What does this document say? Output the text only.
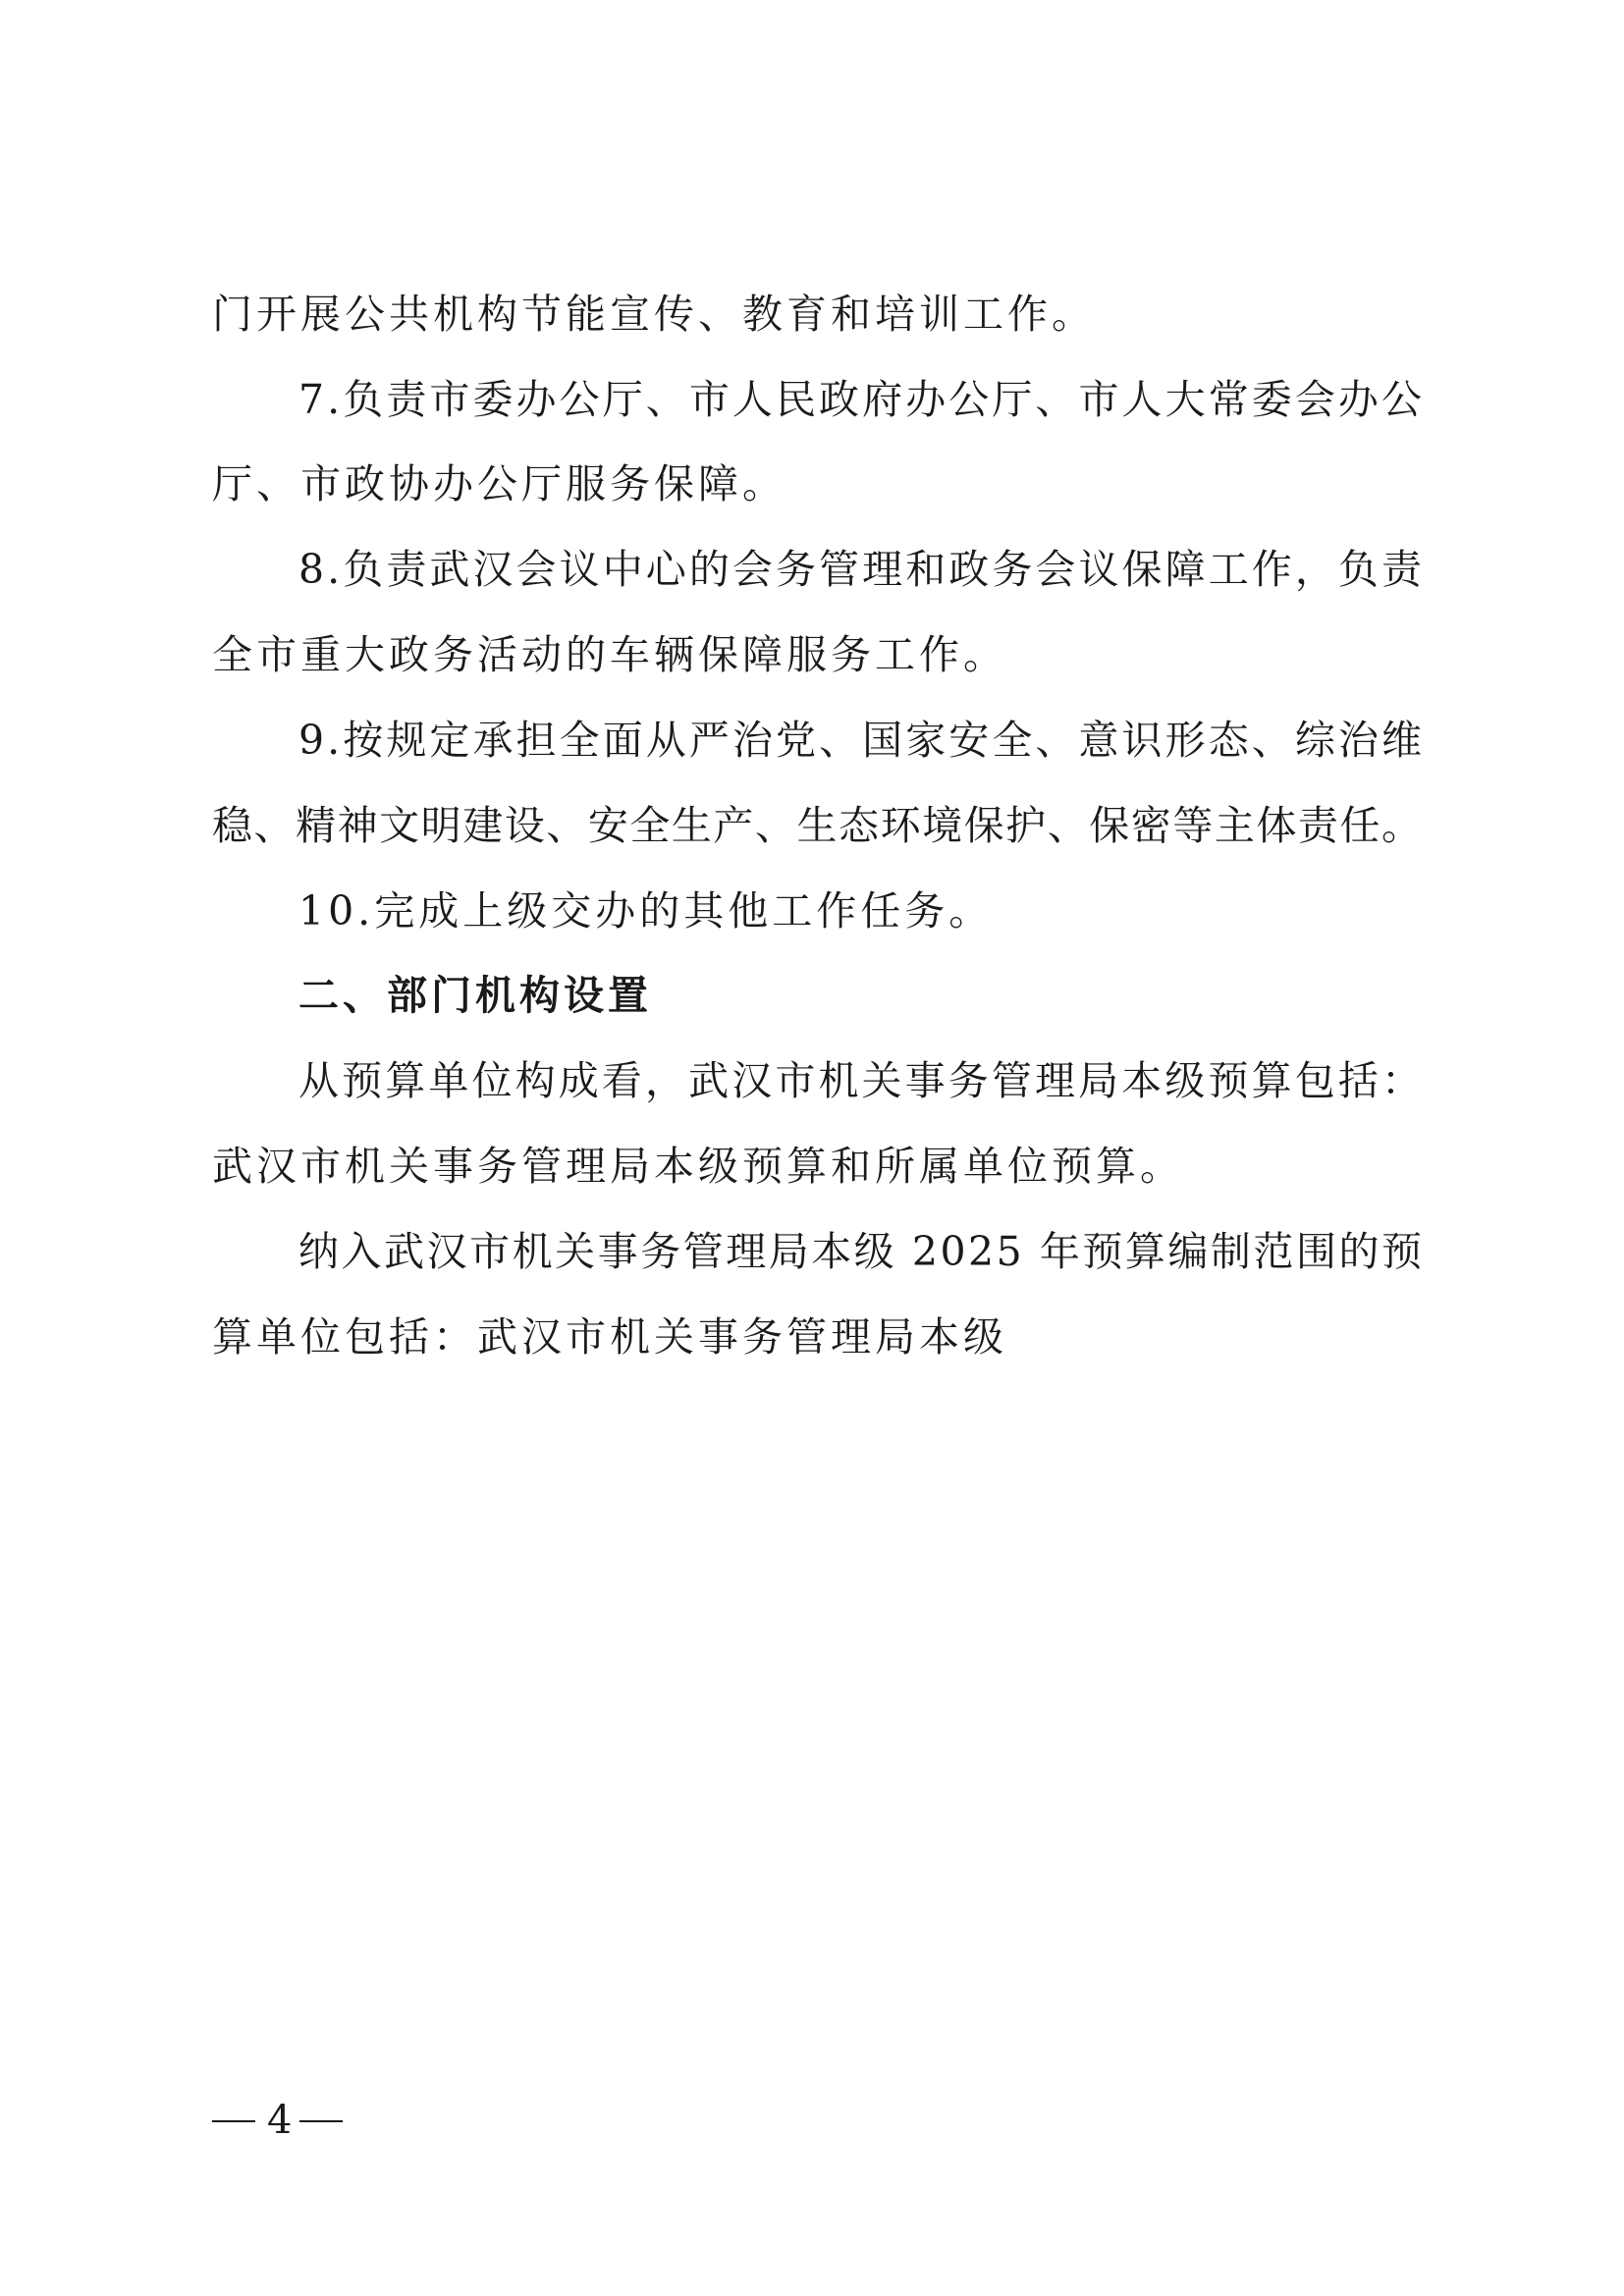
门开展公共机构节能宣传、教育和培训工作。
7.负责市委办公厅、市人民政府办公厅、市人大常委会办公
厅、市政协办公厅服务保障。
8.负责武汉会议中心的会务管理和政务会议保障工作，负责
全市重大政务活动的车辆保障服务工作。
9.按规定承担全面从严治党、国家安全、意识形态、综治维
稳、精神文明建设、安全生产、生态环境保护、保密等主体责任。
10.完成上级交办的其他工作任务。
二、部门机构设置
从预算单位构成看，武汉市机关事务管理局本级预算包括：
武汉市机关事务管理局本级预算和所属单位预算。
纳入武汉市机关事务管理局本级 2025 年预算编制范围的预
算单位包括：武汉市机关事务管理局本级
4
